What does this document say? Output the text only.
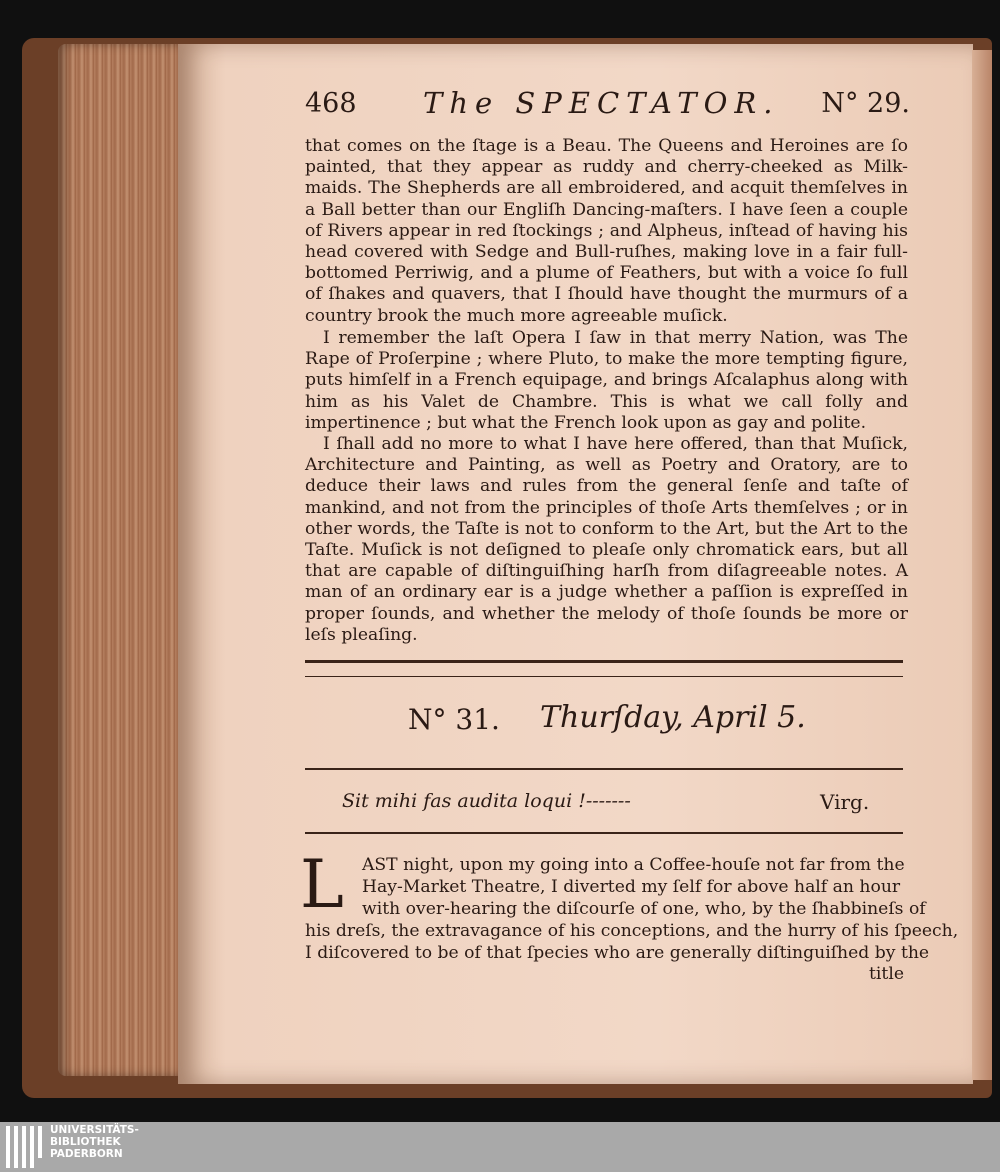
468 The SPECTATOR. N° 29.

that comes on the ſtage is a Beau. The Queens and Heroines are ſo painted, that they appear as ruddy and cherry-cheeked as Milk-maids. The Shepherds are all embroidered, and acquit themſelves in a Ball better than our Engliſh Dancing-maſters. I have ſeen a couple of Rivers appear in red ſtockings ; and Alpheus, inſtead of having his head covered with Sedge and Bull-ruſhes, making love in a fair full-bottomed Perriwig, and a plume of Feathers, but with a voice ſo full of ſhakes and quavers, that I ſhould have thought the murmurs of a country brook the much more agreeable muſick.

I remember the laſt Opera I ſaw in that merry Nation, was The Rape of Proſerpine ; where Pluto, to make the more tempting figure, puts himſelf in a French equipage, and brings Aſcalaphus along with him as his Valet de Chambre. This is what we call folly and impertinence ; but what the French look upon as gay and polite.

I ſhall add no more to what I have here offered, than that Muſick, Architecture and Painting, as well as Poetry and Oratory, are to deduce their laws and rules from the general ſenſe and taſte of mankind, and not from the principles of thoſe Arts themſelves ; or in other words, the Taſte is not to conform to the Art, but the Art to the Taſte. Muſick is not deſigned to pleaſe only chromatick ears, but all that are capable of diſtinguiſhing harſh from diſagreeable notes. A man of an ordinary ear is a judge whether a paſſion is expreſſed in proper ſounds, and whether the melody of thoſe ſounds be more or leſs pleaſing.

N° 31. Thurſday, April 5.
Sit mihi fas audita loqui !-------	Virg.
L AST night, upon my going into a Coffee-houſe not far from the
Hay-Market Theatre, I diverted my ſelf for above half an hour
with over-hearing the diſcourſe of one, who, by the ſhabbineſs of
his dreſs, the extravagance of his conceptions, and the hurry of his ſpeech,
I diſcovered to be of that ſpecies who are generally diſtinguiſhed by the
title
UNIVERSITÄTS-
BIBLIOTHEK
PADERBORN
